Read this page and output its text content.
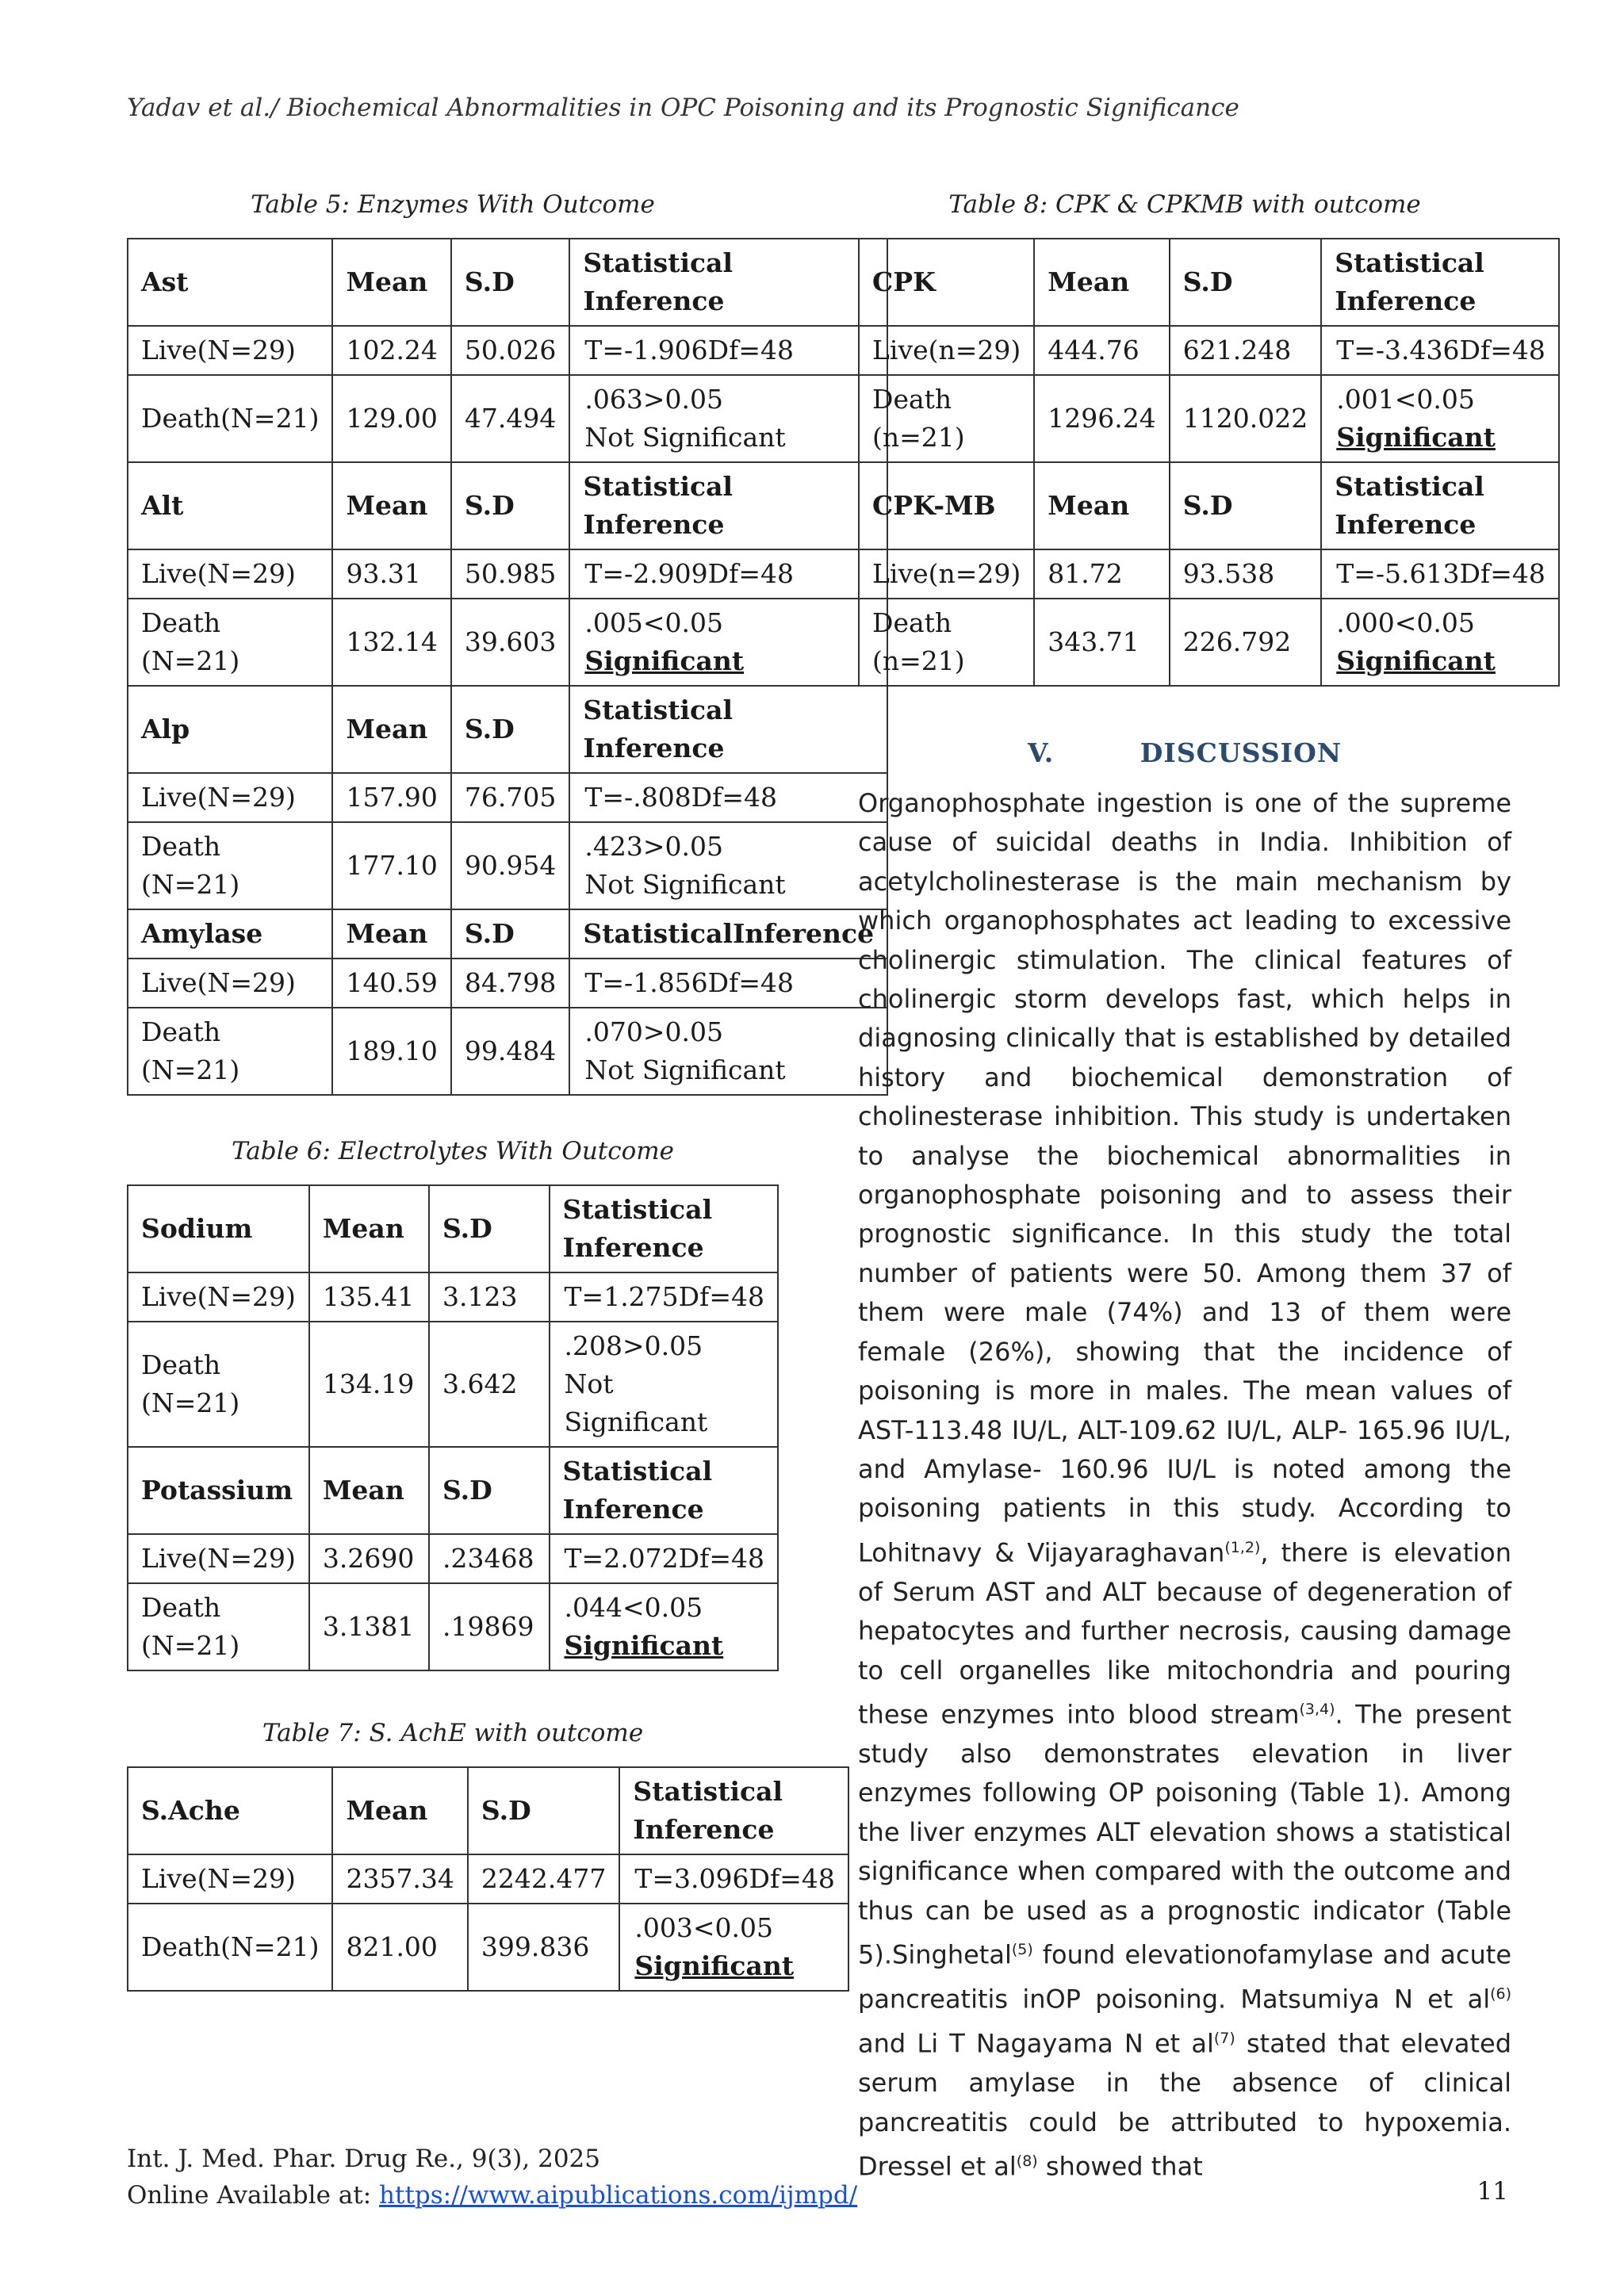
Yadav et al./ Biochemical Abnormalities in OPC Poisoning and its Prognostic Significance

Table 5: Enzymes With Outcome

Ast	Mean	S.D	Statistical Inference
Live(N=29)	102.24	50.026	T=-1.906Df=48
Death(N=21)	129.00	47.494	.063>0.05
Not Significant

Alt	Mean	S.D	Statistical Inference
Live(N=29)	93.31	50.985	T=-2.909Df=48
Death (N=21)	132.14	39.603	.005<0.05
Significant

Alp	Mean	S.D	Statistical Inference
Live(N=29)	157.90	76.705	T=-.808Df=48
Death (N=21)	177.10	90.954	.423>0.05
Not Significant

Amylase	Mean	S.D	StatisticalInference
Live(N=29)	140.59	84.798	T=-1.856Df=48
Death (N=21)	189.10	99.484	.070>0.05
Not Significant

Table 6: Electrolytes With Outcome

Sodium	Mean	S.D	Statistical Inference
Live(N=29)	135.41	3.123	T=1.275Df=48
Death (N=21)	134.19	3.642	.208>0.05
Not Significant

Potassium	Mean	S.D	Statistical Inference
Live(N=29)	3.2690	.23468	T=2.072Df=48
Death (N=21)	3.1381	.19869	.044<0.05
Significant

Table 7: S. AchE with outcome

S.Ache	Mean	S.D	Statistical Inference
Live(N=29)	2357.34	2242.477	T=3.096Df=48
Death(N=21)	821.00	399.836	.003<0.05
Significant

Table 8: CPK & CPKMB with outcome

CPK	Mean	S.D	Statistical Inference
Live(n=29)	444.76	621.248	T=-3.436Df=48
Death (n=21)	1296.24	1120.022	.001<0.05
Significant

CPK-MB	Mean	S.D	Statistical Inference
Live(n=29)	81.72	93.538	T=-5.613Df=48
Death (n=21)	343.71	226.792	.000<0.05
Significant
V.	DISCUSSION

Organophosphate ingestion is one of the supreme cause of suicidal deaths in India. Inhibition of acetylcholinesterase is the main mechanism by which organophosphates act leading to excessive cholinergic stimulation. The clinical features of cholinergic storm develops fast, which helps in diagnosing clinically that is established by detailed history and biochemical demonstration of cholinesterase inhibition. This study is undertaken to analyse the biochemical abnormalities in organophosphate poisoning and to assess their prognostic significance. In this study the total number of patients were 50. Among them 37 of them were male (74%) and 13 of them were female (26%), showing that the incidence of poisoning is more in males. The mean values of AST-113.48 IU/L, ALT-109.62 IU/L, ALP- 165.96 IU/L, and Amylase- 160.96 IU/L is noted among the poisoning patients in this study. According to Lohitnavy & Vijayaraghavan$^{(1,2)}$, there is elevation of Serum AST and ALT because of degeneration of hepatocytes and further necrosis, causing damage to cell organelles like mitochondria and pouring these enzymes into blood stream$^{(3,4)}$. The present study also demonstrates elevation in liver enzymes following OP poisoning (Table 1). Among the liver enzymes ALT elevation shows a statistical significance when compared with the outcome and thus can be used as a prognostic indicator (Table 5).Singhetal$^{(5)}$ found elevationofamylase and acute pancreatitis inOP poisoning. Matsumiya N et $al^{(6)}$ and Li T Nagayama N et $al^{(7)}$ stated that elevated serum amylase in the absence of clinical pancreatitis could be attributed to hypoxemia. Dressel et $al^{(8)}$ showed that

Int. J. Med. Phar. Drug Re., 9(3), 2025
Online Available at: https://www.aipublications.com/ijmpd/	11
